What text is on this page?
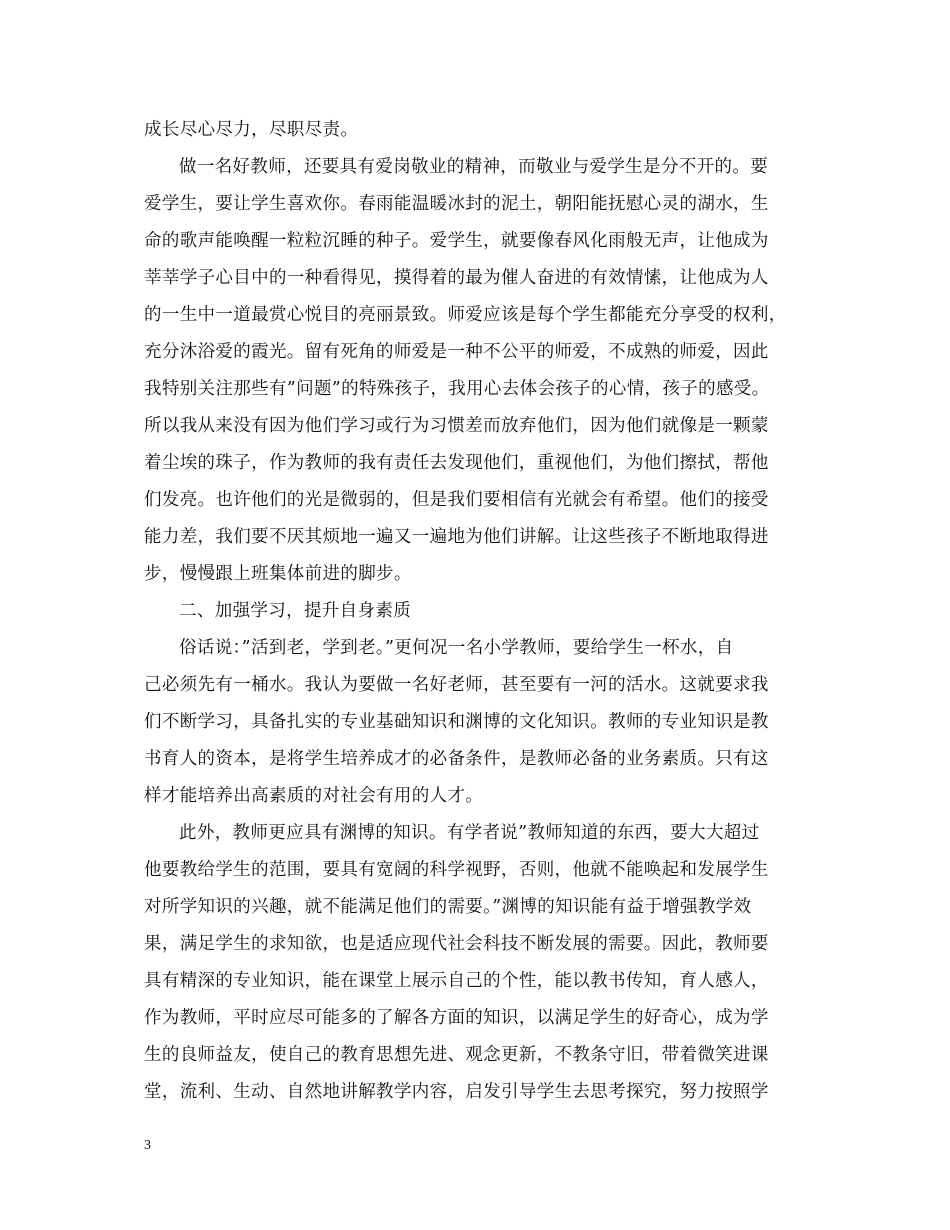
成长尽心尽力，尽职尽责。
做一名好教师，还要具有爱岗敬业的精神，而敬业与爱学生是分不开的。要
爱学生，要让学生喜欢你。春雨能温暖冰封的泥土，朝阳能抚慰心灵的湖水，生
命的歌声能唤醒一粒粒沉睡的种子。爱学生，就要像春风化雨般无声，让他成为
莘莘学子心目中的一种看得见，摸得着的最为催人奋进的有效情愫，让他成为人
的一生中一道最赏心悦目的亮丽景致。师爱应该是每个学生都能充分享受的权利，
充分沐浴爱的霞光。留有死角的师爱是一种不公平的师爱，不成熟的师爱，因此
我特别关注那些有”问题”的特殊孩子，我用心去体会孩子的心情，孩子的感受。
所以我从来没有因为他们学习或行为习惯差而放弃他们，因为他们就像是一颗蒙
着尘埃的珠子，作为教师的我有责任去发现他们，重视他们，为他们擦拭，帮他
们发亮。也许他们的光是微弱的，但是我们要相信有光就会有希望。他们的接受
能力差，我们要不厌其烦地一遍又一遍地为他们讲解。让这些孩子不断地取得进
步，慢慢跟上班集体前进的脚步。
二、加强学习，提升自身素质
俗话说：”活到老，学到老。”更何况一名小学教师，要给学生一杯水，自
己必须先有一桶水。我认为要做一名好老师，甚至要有一河的活水。这就要求我
们不断学习，具备扎实的专业基础知识和渊博的文化知识。教师的专业知识是教
书育人的资本，是将学生培养成才的必备条件，是教师必备的业务素质。只有这
样才能培养出高素质的对社会有用的人才。
此外，教师更应具有渊博的知识。有学者说”教师知道的东西，要大大超过
他要教给学生的范围，要具有宽阔的科学视野，否则，他就不能唤起和发展学生
对所学知识的兴趣，就不能满足他们的需要。”渊博的知识能有益于增强教学效
果，满足学生的求知欲，也是适应现代社会科技不断发展的需要。因此，教师要
具有精深的专业知识，能在课堂上展示自己的个性，能以教书传知，育人感人，
作为教师，平时应尽可能多的了解各方面的知识，以满足学生的好奇心，成为学
生的良师益友，使自己的教育思想先进、观念更新，不教条守旧，带着微笑进课
堂，流利、生动、自然地讲解教学内容，启发引导学生去思考探究，努力按照学
3
